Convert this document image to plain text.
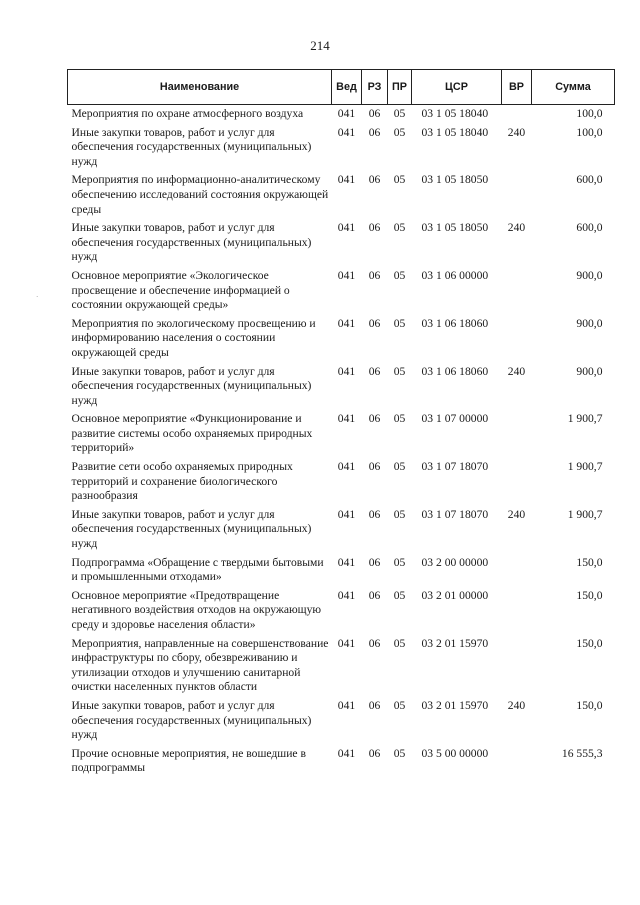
214
Наименование	Вед	РЗ	ПР	ЦСР	ВР	Сумма
Мероприятия по охране атмосферного воздуха	041	06	05	03 1 05 18040		100,0
Иные закупки товаров, работ и услуг для обеспечения государственных (муниципальных) нужд	041	06	05	03 1 05 18040	240	100,0
Мероприятия по информационно-аналитическому обеспечению исследований состояния окружающей среды	041	06	05	03 1 05 18050		600,0
Иные закупки товаров, работ и услуг для обеспечения государственных (муниципальных) нужд	041	06	05	03 1 05 18050	240	600,0
Основное мероприятие «Экологическое просвещение и обеспечение информацией о состоянии окружающей среды»	041	06	05	03 1 06 00000		900,0
Мероприятия по экологическому просвещению и информированию населения о состоянии окружающей среды	041	06	05	03 1 06 18060		900,0
Иные закупки товаров, работ и услуг для обеспечения государственных (муниципальных) нужд	041	06	05	03 1 06 18060	240	900,0
Основное мероприятие «Функционирование и развитие системы особо охраняемых природных территорий»	041	06	05	03 1 07 00000		1 900,7
Развитие сети особо охраняемых природных территорий и сохранение биологического разнообразия	041	06	05	03 1 07 18070		1 900,7
Иные закупки товаров, работ и услуг для обеспечения государственных (муниципальных) нужд	041	06	05	03 1 07 18070	240	1 900,7
Подпрограмма «Обращение с твердыми бытовыми и промышленными отходами»	041	06	05	03 2 00 00000		150,0
Основное мероприятие «Предотвращение негативного воздействия отходов на окружающую среду и здоровье населения области»	041	06	05	03 2 01 00000		150,0
Мероприятия, направленные на совершенствование инфраструктуры по сбору, обезвреживанию и утилизации отходов и улучшению санитарной очистки населенных пунктов области	041	06	05	03 2 01 15970		150,0
Иные закупки товаров, работ и услуг для обеспечения государственных (муниципальных) нужд	041	06	05	03 2 01 15970	240	150,0
Прочие основные мероприятия, не вошедшие в подпрограммы	041	06	05	03 5 00 00000		16 555,3
·
